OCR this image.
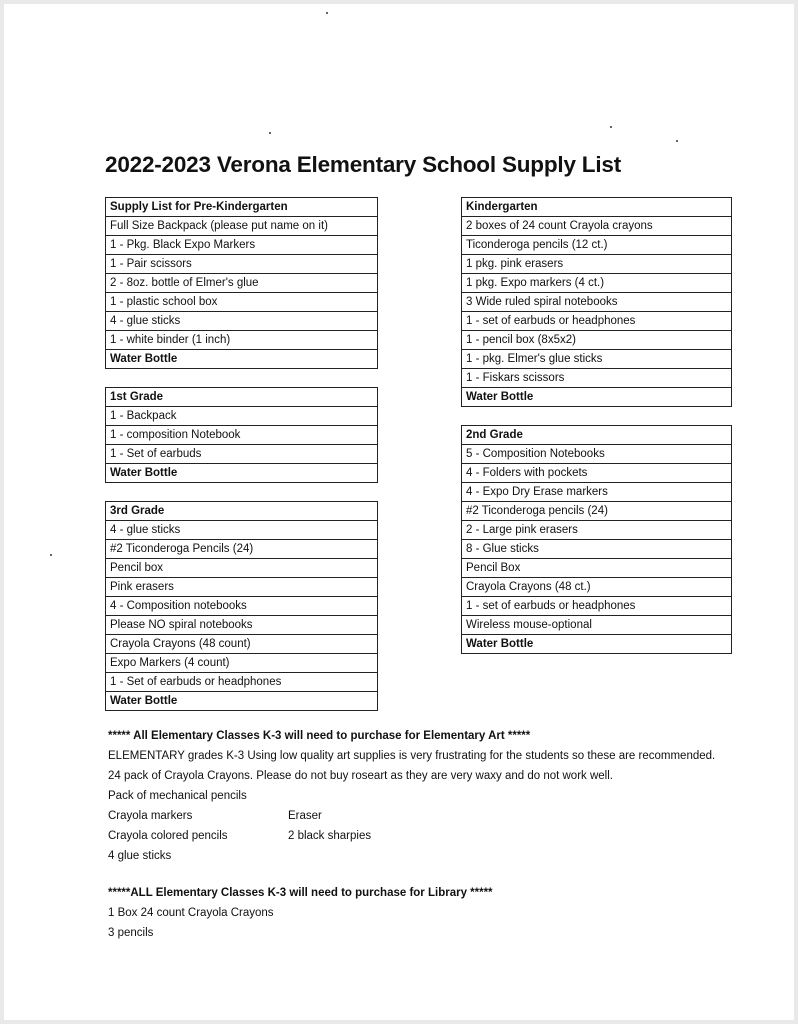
2022-2023 Verona Elementary School Supply List
Supply List for Pre-Kindergarten
Full Size Backpack (please put name on it)
1 - Pkg. Black Expo Markers
1 - Pair scissors
2 - 8oz. bottle of Elmer's glue
1 - plastic school box
4 - glue sticks
1 - white binder (1 inch)
Water Bottle
Kindergarten
2 boxes of 24 count Crayola crayons
Ticonderoga pencils (12 ct.)
1 pkg. pink erasers
1 pkg. Expo markers (4 ct.)
3 Wide ruled spiral notebooks
1 - set of earbuds or headphones
1 - pencil box (8x5x2)
1 - pkg. Elmer's glue sticks
1 - Fiskars scissors
Water Bottle
1st Grade
1 - Backpack
1 - composition Notebook
1 - Set of earbuds
Water Bottle
2nd Grade
5 - Composition Notebooks
4 - Folders with pockets
4 - Expo Dry Erase markers
#2 Ticonderoga pencils (24)
2 - Large pink erasers
8 - Glue sticks
Pencil Box
Crayola Crayons (48 ct.)
1 - set of earbuds or headphones
Wireless mouse-optional
Water Bottle
3rd Grade
4 - glue sticks
#2 Ticonderoga Pencils (24)
Pencil box
Pink erasers
4 - Composition notebooks
Please NO spiral notebooks
Crayola Crayons (48 count)
Expo Markers (4 count)
1 - Set of earbuds or headphones
Water Bottle
***** All Elementary Classes K-3 will need to purchase for Elementary Art *****
ELEMENTARY grades K-3 Using low quality art supplies is very frustrating for the students so these are recommended.
24 pack of Crayola Crayons. Please do not buy roseart as they are very waxy and do not work well.
Pack of mechanical pencils
Crayola markers
Crayola colored pencils
4 glue sticks
Eraser
2 black sharpies
*****ALL Elementary Classes K-3 will need to purchase for Library *****
1 Box 24 count Crayola Crayons
3 pencils
